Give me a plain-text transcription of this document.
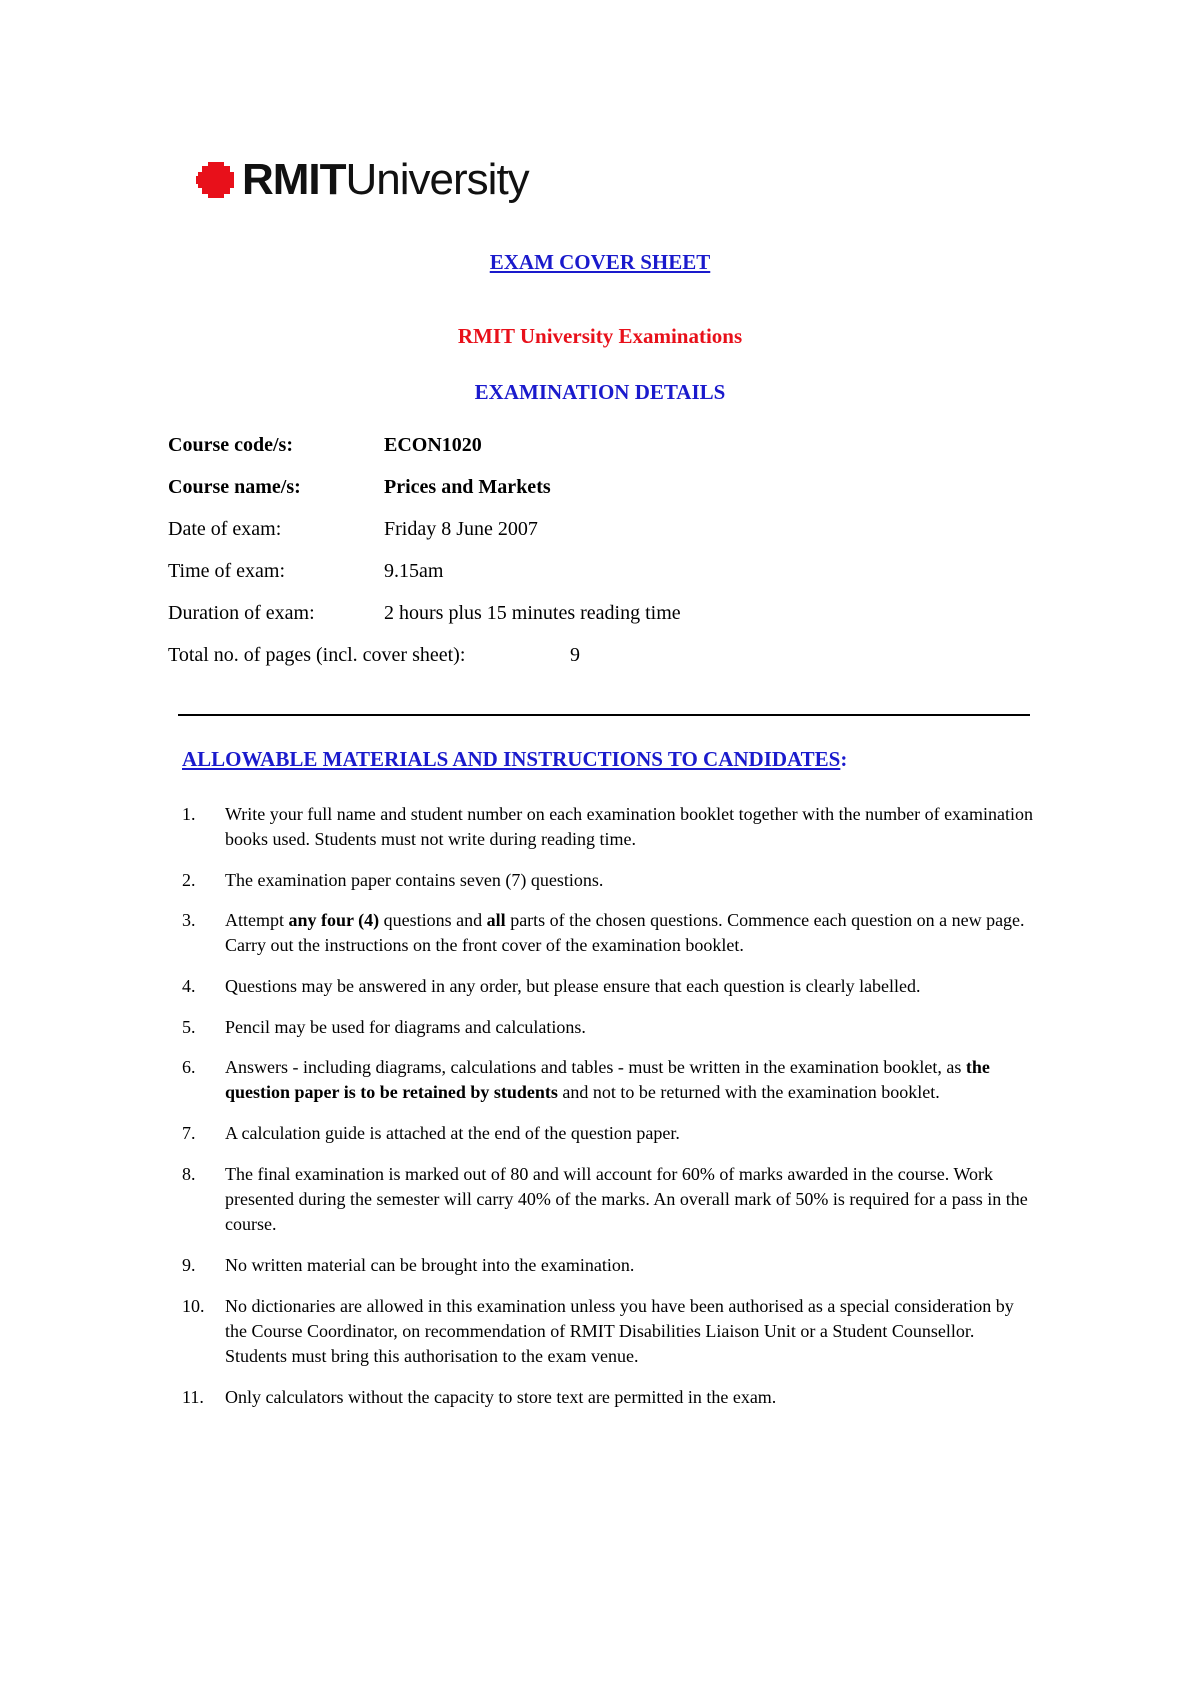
RMITUniversity
EXAM COVER SHEET
RMIT University Examinations
EXAMINATION DETAILS
Course code/s:	ECON1020
Course name/s:	Prices and Markets
Date of exam:	Friday 8 June 2007
Time of exam:	9.15am
Duration of exam:	2 hours plus 15 minutes reading time
Total no. of pages (incl. cover sheet):	9
ALLOWABLE MATERIALS AND INSTRUCTIONS TO CANDIDATES:
1. Write your full name and student number on each examination booklet together with the number of examination books used. Students must not write during reading time.
2. The examination paper contains seven (7) questions.
3. Attempt any four (4) questions and all parts of the chosen questions. Commence each question on a new page. Carry out the instructions on the front cover of the examination booklet.
4. Questions may be answered in any order, but please ensure that each question is clearly labelled.
5. Pencil may be used for diagrams and calculations.
6. Answers - including diagrams, calculations and tables - must be written in the examination booklet, as the question paper is to be retained by students and not to be returned with the examination booklet.
7. A calculation guide is attached at the end of the question paper.
8. The final examination is marked out of 80 and will account for 60% of marks awarded in the course. Work presented during the semester will carry 40% of the marks. An overall mark of 50% is required for a pass in the course.
9. No written material can be brought into the examination.
10. No dictionaries are allowed in this examination unless you have been authorised as a special consideration by the Course Coordinator, on recommendation of RMIT Disabilities Liaison Unit or a Student Counsellor. Students must bring this authorisation to the exam venue.
11. Only calculators without the capacity to store text are permitted in the exam.
